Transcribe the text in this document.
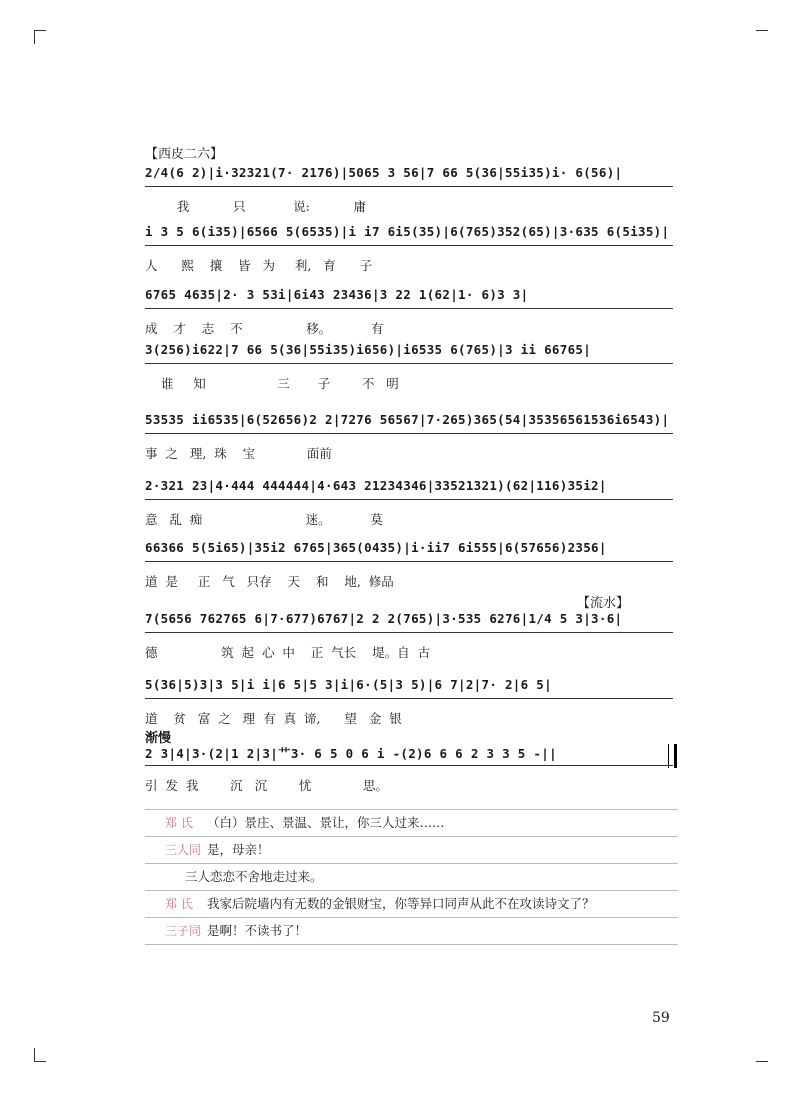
【西皮二六】
2/4(6 2)|i·32321(7· 2176)|5065 3 56|7 66 5(36|55i35)i· 6(56)|
我           只            说:           庸
i 3 5 6(i35)|6566 5(6535)|i i7 6i5(35)|6(765)352(65)|3·635 6(5i35)|
人      熙    攘    皆   为     利,   育      子
6765 4635|2· 3 53i|6i43 23436|3 22 1(62|1· 6)3 3|
成    才    志    不                移。          有
3(256)i622|7 66 5(36|55i35)i656)|i6535 6(765)|3 ii 66765|
谁     知                  三       子        不   明
53535 ii6535|6(52656)2 2|7276 56567|7·265)365(54|35356561536i6543)|
事  之   理,  珠    宝             面前
2·321 23|4·444 444444|4·643 21234346|33521321)(62|116)35i2|
意   乱  痴                          迷。          莫
66366 5(5i65)|35i2 6765|365(0435)|i·ii7 6i555|6(57656)2356|
道  是     正   气   只存    天    和    地,  修品
【流水】
7(5656 762765 6|7·677)6767|2 2 2(765)|3·535 6276|1/4 5 3|3·6|
德                筑  起  心  中    正  气长    堤。自  古
5(36|5)3|3 5|i i|6 5|5 3|i|6·(5|3 5)|6 7|2|7· 2|6 5|
道    贫   富  之   理  有  真  谛,      望   金  银
渐慢
2 3|4|3·(2|1 2|3|艹3· 6 5 0 6 i -(2)6 6 6 2 3 3 5 -||
引  发  我        沉   沉        忧             思。
郑 氏 （白）景庄、景温、景让，你三人过来……
三人同 是，母亲！
三人恋恋不舍地走过来。
郑 氏 我家后院墙内有无数的金银财宝，你等异口同声从此不在攻读诗文了？
三子同 是啊！不读书了！
59
